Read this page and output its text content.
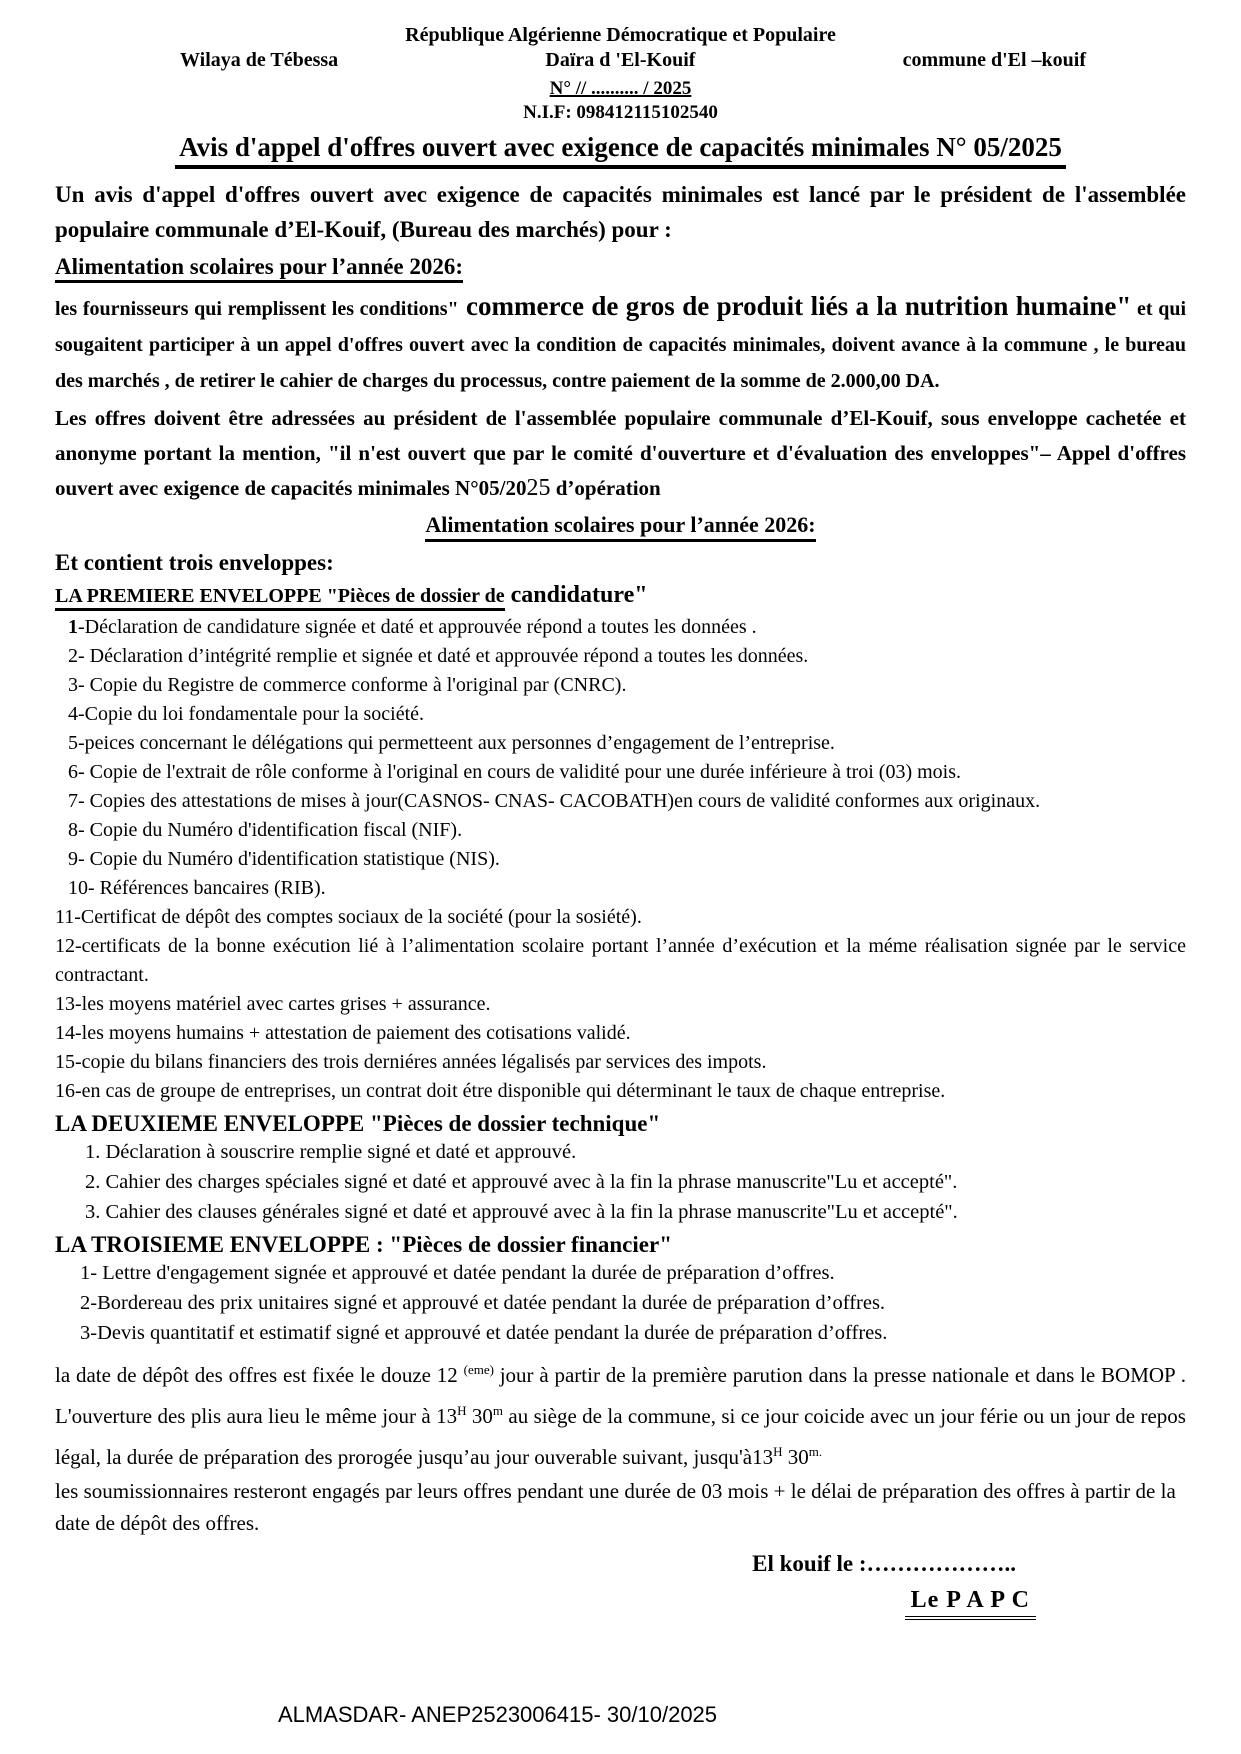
République Algérienne Démocratique et Populaire
Wilaya de Tébessa	Daïra d 'El-Kouif	commune d'El –kouif
N° // .......... / 2025
N.I.F: 098412115102540
Avis d'appel d'offres ouvert avec exigence de capacités minimales N° 05/2025
Un avis d'appel d'offres ouvert avec exigence de capacités minimales est lancé par le président de l'assemblée populaire communale d’El-Kouif, (Bureau des marchés) pour :
Alimentation scolaires pour l’année 2026:
les fournisseurs qui remplissent les conditions" commerce de gros de produit liés a la nutrition humaine" et qui sougaitent participer à un appel d'offres ouvert avec la condition de capacités minimales, doivent avance à la commune , le bureau des marchés , de retirer le cahier de charges du processus, contre paiement de la somme de 2.000,00 DA.
Les offres doivent être adressées au président de l'assemblée populaire communale d’El-Kouif, sous enveloppe cachetée et anonyme portant la mention, "il n'est ouvert que par le comité d'ouverture et d'évaluation des enveloppes"– Appel d'offres ouvert avec exigence de capacités minimales N°05/2025 d’opération
Alimentation scolaires pour l’année 2026:
Et contient trois enveloppes:
LA PREMIERE ENVELOPPE "Pièces de dossier de candidature"
1-Déclaration de candidature signée et daté et approuvée répond a toutes les données .
2- Déclaration d’intégrité remplie et signée et daté et approuvée répond a toutes les données.
3- Copie du Registre de commerce conforme à l'original par (CNRC).
4-Copie du loi fondamentale pour la société.
5-peices concernant le délégations qui permetteent aux personnes d’engagement de l’entreprise.
6- Copie de l'extrait de rôle conforme à l'original en cours de validité pour une durée inférieure à troi (03) mois.
7- Copies des attestations de mises à jour(CASNOS- CNAS- CACOBATH)en cours de validité conformes aux originaux.
8- Copie du Numéro d'identification fiscal (NIF).
9- Copie du Numéro d'identification statistique (NIS).
10- Références bancaires (RIB).
11-Certificat de dépôt des comptes sociaux de la société (pour la sosiété).
12-certificats de la bonne exécution lié à l’alimentation scolaire portant l’année d’exécution et la méme réalisation signée par le service contractant.
13-les moyens matériel avec cartes grises + assurance.
14-les moyens humains + attestation de paiement des cotisations validé.
15-copie du bilans financiers des trois derniéres années légalisés par services des impots.
16-en cas de groupe de entreprises, un contrat doit étre disponible qui déterminant le taux de chaque entreprise.
LA DEUXIEME ENVELOPPE "Pièces de dossier technique"
1. Déclaration à souscrire remplie signé et daté et approuvé.
2. Cahier des charges spéciales signé et daté et approuvé avec à la fin la phrase manuscrite"Lu et accepté".
3. Cahier des clauses générales signé et daté et approuvé avec à la fin la phrase manuscrite"Lu et accepté".
LA TROISIEME ENVELOPPE : "Pièces de dossier financier"
1- Lettre d'engagement signée et approuvé et datée pendant la durée de préparation d’offres.
2-Bordereau des prix unitaires signé et approuvé et datée pendant la durée de préparation d’offres.
3-Devis quantitatif et estimatif signé et approuvé et datée pendant la durée de préparation d’offres.
la date de dépôt des offres est fixée le douze 12 $^{(eme)}$ jour à partir de la première parution dans la presse nationale et dans le BOMOP . L'ouverture des plis aura lieu le même jour à $13^H$ 30$^m$ au siège de la commune, si ce jour coicide avec un jour férie ou un jour de repos légal, la durée de préparation des prorogée jusqu’au jour ouverable suivant, $jusqu'à13^H$ $30^{m.}$
les soumissionnaires resteront engagés par leurs offres pendant une durée de 03 mois + le délai de préparation des offres à partir de la date de dépôt des offres.
El kouif le :………………..
Le P A P C
ALMASDAR- ANEP2523006415- 30/10/2025
